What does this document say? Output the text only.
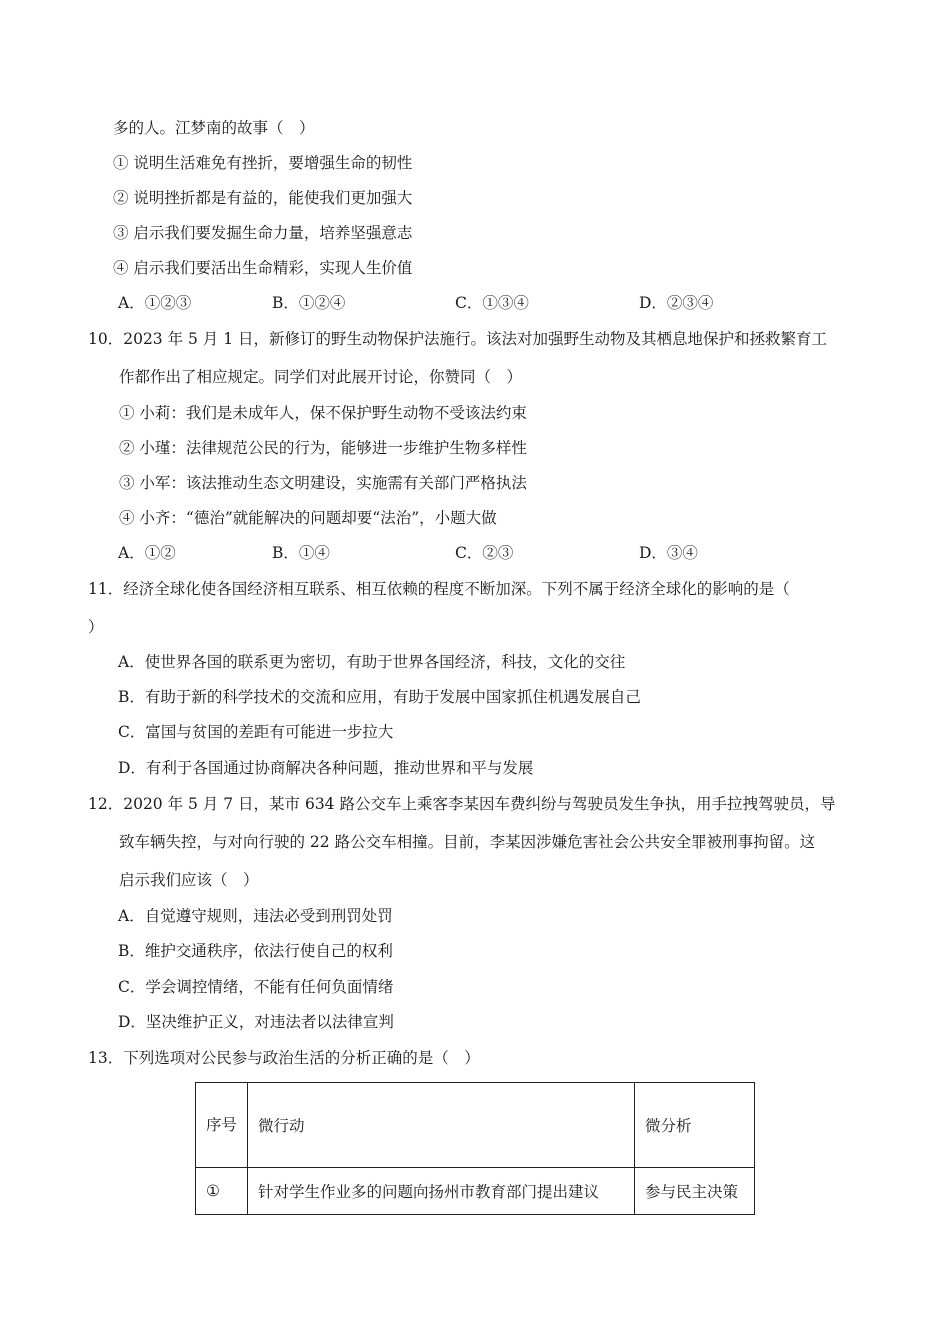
多的人。江梦南的故事（　）
① 说明生活难免有挫折，要增强生命的韧性
② 说明挫折都是有益的，能使我们更加强大
③ 启示我们要发掘生命力量，培养坚强意志
④ 启示我们要活出生命精彩，实现人生价值
A．①②③	B．①②④	C．①③④	D．②③④
10．2023 年 5 月 1 日，新修订的野生动物保护法施行。该法对加强野生动物及其栖息地保护和拯救繁育工
作都作出了相应规定。同学们对此展开讨论，你赞同（　）
① 小莉：我们是未成年人，保不保护野生动物不受该法约束
② 小瑾：法律规范公民的行为，能够进一步维护生物多样性
③ 小军：该法推动生态文明建设，实施需有关部门严格执法
④ 小齐：“德治”就能解决的问题却要“法治”，小题大做
A．①②	B．①④	C．②③	D．③④
11．经济全球化使各国经济相互联系、相互依赖的程度不断加深。下列不属于经济全球化的影响的是（
）
A．使世界各国的联系更为密切，有助于世界各国经济，科技，文化的交往
B．有助于新的科学技术的交流和应用，有助于发展中国家抓住机遇发展自己
C．富国与贫国的差距有可能进一步拉大
D．有利于各国通过协商解决各种问题，推动世界和平与发展
12．2020 年 5 月 7 日，某市 634 路公交车上乘客李某因车费纠纷与驾驶员发生争执，用手拉拽驾驶员，导
致车辆失控，与对向行驶的 22 路公交车相撞。目前，李某因涉嫌危害社会公共安全罪被刑事拘留。这
启示我们应该（　）
A．自觉遵守规则，违法必受到刑罚处罚
B．维护交通秩序，依法行使自己的权利
C．学会调控情绪，不能有任何负面情绪
D．坚决维护正义，对违法者以法律宣判
13．下列选项对公民参与政治生活的分析正确的是（　）
序号	微行动	微分析
①	针对学生作业多的问题向扬州市教育部门提出建议	参与民主决策
